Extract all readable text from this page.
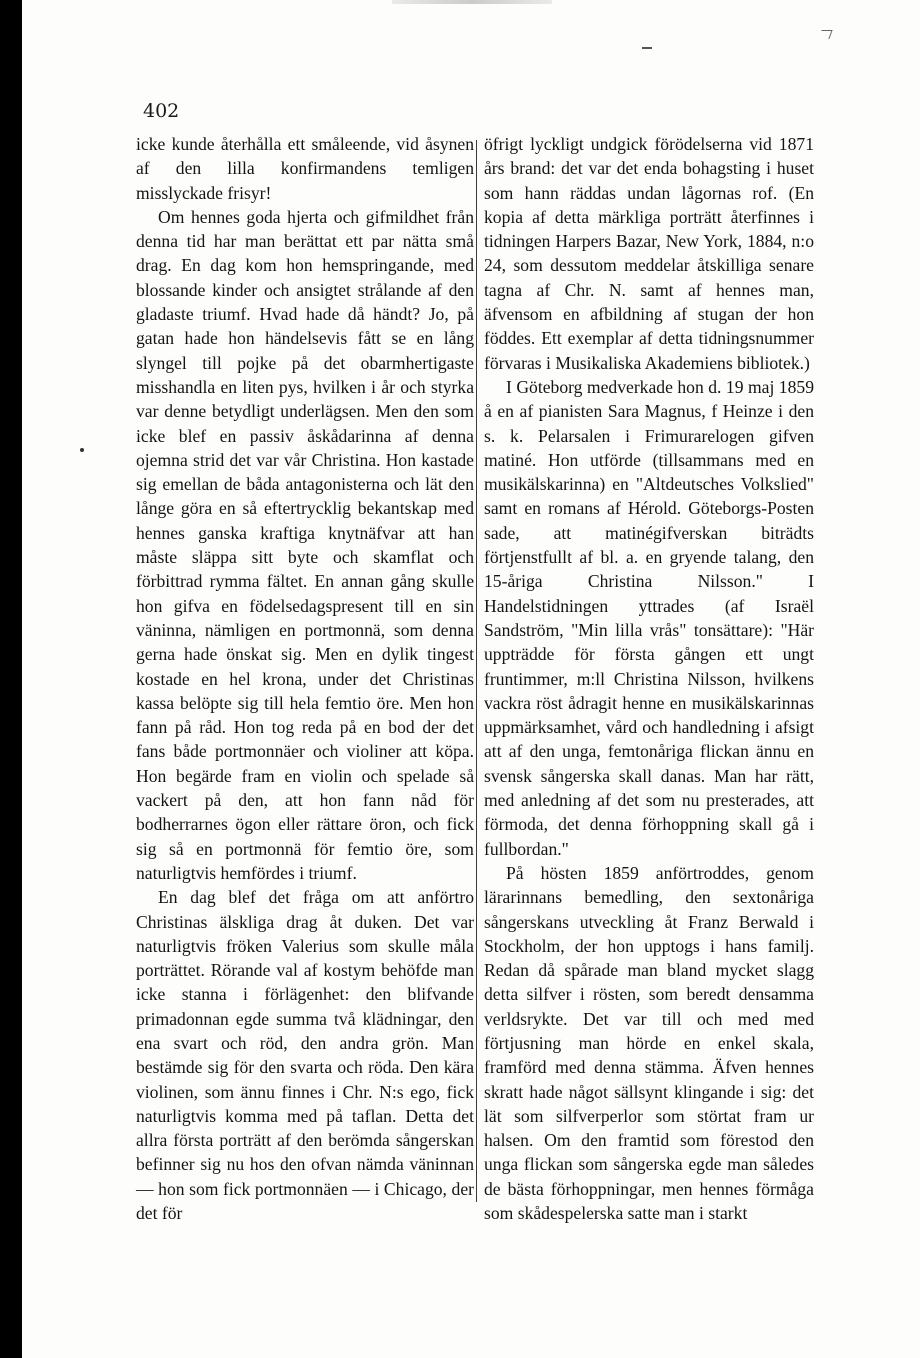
402

icke kunde återhålla ett småleende, vid åsynen af den lilla konfirmandens temligen misslyckade frisyr!

Om hennes goda hjerta och gifmildhet från denna tid har man berättat ett par nätta små drag. En dag kom hon hemspringande, med blossande kinder och ansigtet strålande af den gladaste triumf. Hvad hade då händt? Jo, på gatan hade hon händelsevis fått se en lång slyngel till pojke på det obarmhertigaste misshandla en liten pys, hvilken i år och styrka var denne betydligt underlägsen. Men den som icke blef en passiv åskådarinna af denna ojemna strid det var vår Christina. Hon kastade sig emellan de båda antagonisterna och lät den långe göra en så eftertrycklig bekantskap med hennes ganska kraftiga knytnäfvar att han måste släppa sitt byte och skamflat och förbittrad rymma fältet. En annan gång skulle hon gifva en födelsedagspresent till en sin väninna, nämligen en portmonnä, som denna gerna hade önskat sig. Men en dylik tingest kostade en hel krona, under det Christinas kassa belöpte sig till hela femtio öre. Men hon fann på råd. Hon tog reda på en bod der det fans både portmonnäer och violiner att köpa. Hon begärde fram en violin och spelade så vackert på den, att hon fann nåd för bodherrarnes ögon eller rättare öron, och fick sig så en portmonnä för femtio öre, som naturligtvis hemfördes i triumf.

En dag blef det fråga om att anförtro Christinas älskliga drag åt duken. Det var naturligtvis fröken Valerius som skulle måla porträttet. Rörande val af kostym behöfde man icke stanna i förlägenhet: den blifvande primadonnan egde summa två klädningar, den ena svart och röd, den andra grön. Man bestämde sig för den svarta och röda. Den kära violinen, som ännu finnes i Chr. N:s ego, fick naturligtvis komma med på taflan. Detta det allra första porträtt af den berömda sångerskan befinner sig nu hos den ofvan nämda väninnan — hon som fick portmonnäen — i Chicago, der det för

öfrigt lyckligt undgick förödelserna vid 1871 års brand: det var det enda bohagsting i huset som hann räddas undan lågornas rof. (En kopia af detta märkliga porträtt återfinnes i tidningen Harpers Bazar, New York, 1884, n:o 24, som dessutom meddelar åtskilliga senare tagna af Chr. N. samt af hennes man, äfvensom en afbildning af stugan der hon föddes. Ett exemplar af detta tidningsnummer förvaras i Musikaliska Akademiens bibliotek.)

I Göteborg medverkade hon d. 19 maj 1859 å en af pianisten Sara Magnus, f Heinze i den s. k. Pelarsalen i Frimurarelogen gifven matiné. Hon utförde (tillsammans med en musikälskarinna) en "Altdeutsches Volkslied" samt en romans af Hérold. Göteborgs-Posten sade, att matinégifverskan biträdts förtjenstfullt af bl. a. en gryende talang, den 15-åriga Christina Nilsson." I Handelstidningen yttrades (af Israël Sandström, "Min lilla vrås" tonsättare): "Här uppträdde för första gången ett ungt fruntimmer, m:ll Christina Nilsson, hvilkens vackra röst ådragit henne en musikälskarinnas uppmärksamhet, vård och handledning i afsigt att af den unga, femtonåriga flickan ännu en svensk sångerska skall danas. Man har rätt, med anledning af det som nu presterades, att förmoda, det denna förhoppning skall gå i fullbordan."

På hösten 1859 anförtroddes, genom lärarinnans bemedling, den sextonåriga sångerskans utveckling åt Franz Berwald i Stockholm, der hon upptogs i hans familj. Redan då spårade man bland mycket slagg detta silfver i rösten, som beredt densamma verldsrykte. Det var till och med med förtjusning man hörde en enkel skala, framförd med denna stämma. Äfven hennes skratt hade något sällsynt klingande i sig: det lät som silfverperlor som störtat fram ur halsen. Om den framtid som förestod den unga flickan som sångerska egde man således de bästa förhoppningar, men hennes förmåga som skådespelerska satte man i starkt
